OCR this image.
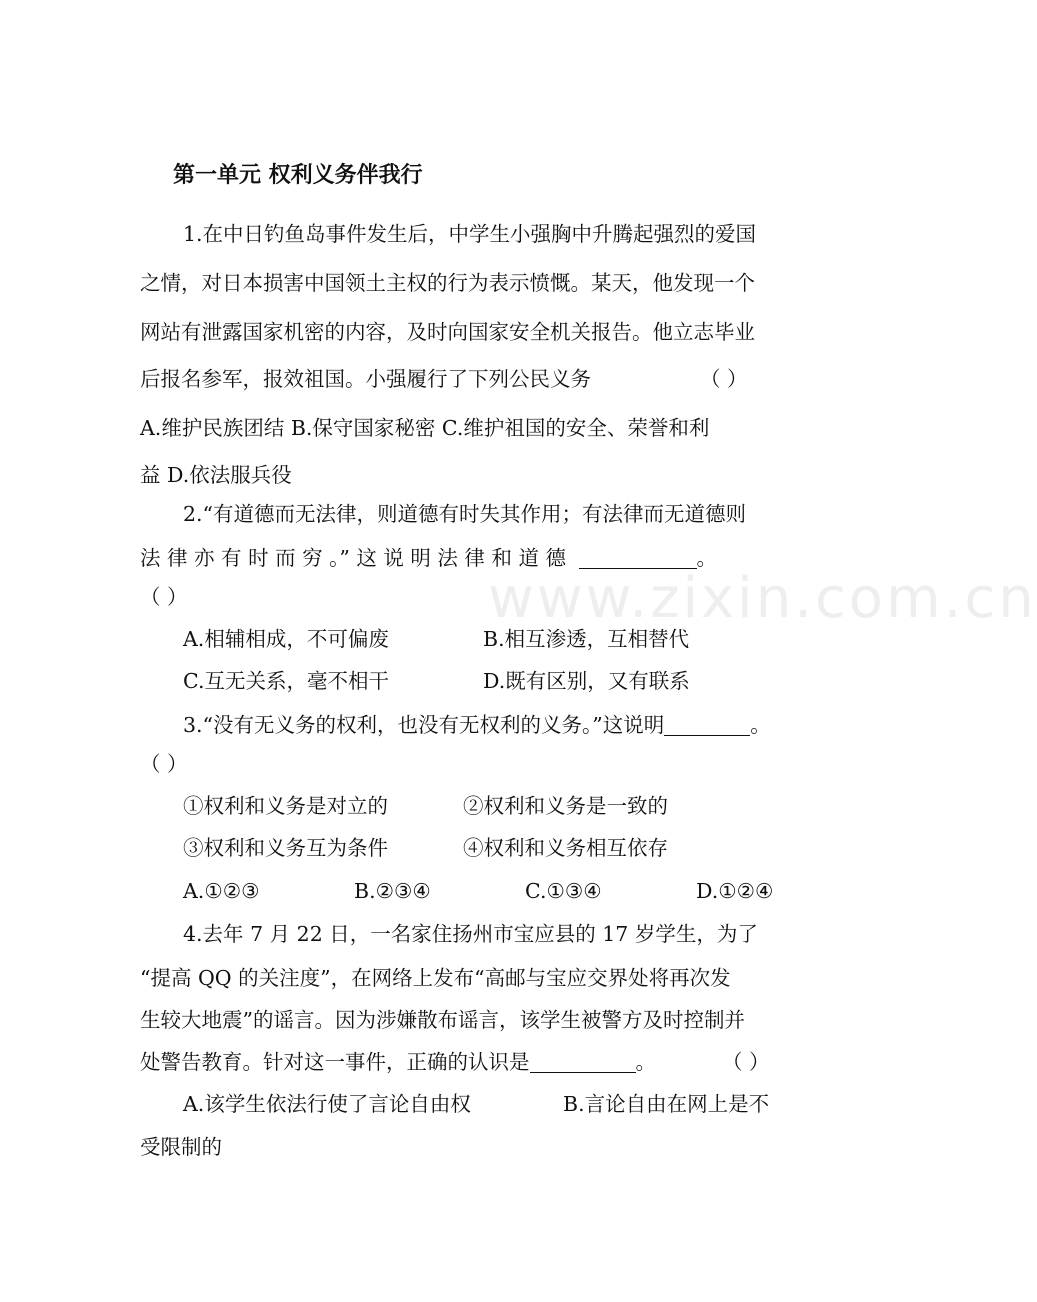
www.zixin.com.cn
第一单元 权利义务伴我行
1.在中日钓鱼岛事件发生后，中学生小强胸中升腾起强烈的爱国
之情，对日本损害中国领土主权的行为表示愤慨。某天，他发现一个
网站有泄露国家机密的内容，及时向国家安全机关报告。他立志毕业
后报名参军，报效祖国。小强履行了下列公民义务	（ ）
A.维护民族团结 B.保守国家秘密 C.维护祖国的安全、荣誉和利
益 D.依法服兵役
2.“有道德而无法律，则道德有时失其作用；有法律而无道德则
法 律 亦 有 时 而 穷 。” 这 说 明 法 律 和 道 德	。
（ ）
A.相辅相成，不可偏废	B.相互渗透，互相替代
C.互无关系，毫不相干	D.既有区别，又有联系
3.“没有无义务的权利，也没有无权利的义务。”这说明	。
（ ）
①权利和义务是对立的	②权利和义务是一致的
③权利和义务互为条件	④权利和义务相互依存
A.①②③	B.②③④	C.①③④	D.①②④
4.去年 7 月 22 日，一名家住扬州市宝应县的 17 岁学生，为了
“提高 QQ 的关注度”，在网络上发布“高邮与宝应交界处将再次发
生较大地震”的谣言。因为涉嫌散布谣言，该学生被警方及时控制并
处警告教育。针对这一事件，正确的认识是	。	（ ）
A.该学生依法行使了言论自由权	B.言论自由在网上是不
受限制的
